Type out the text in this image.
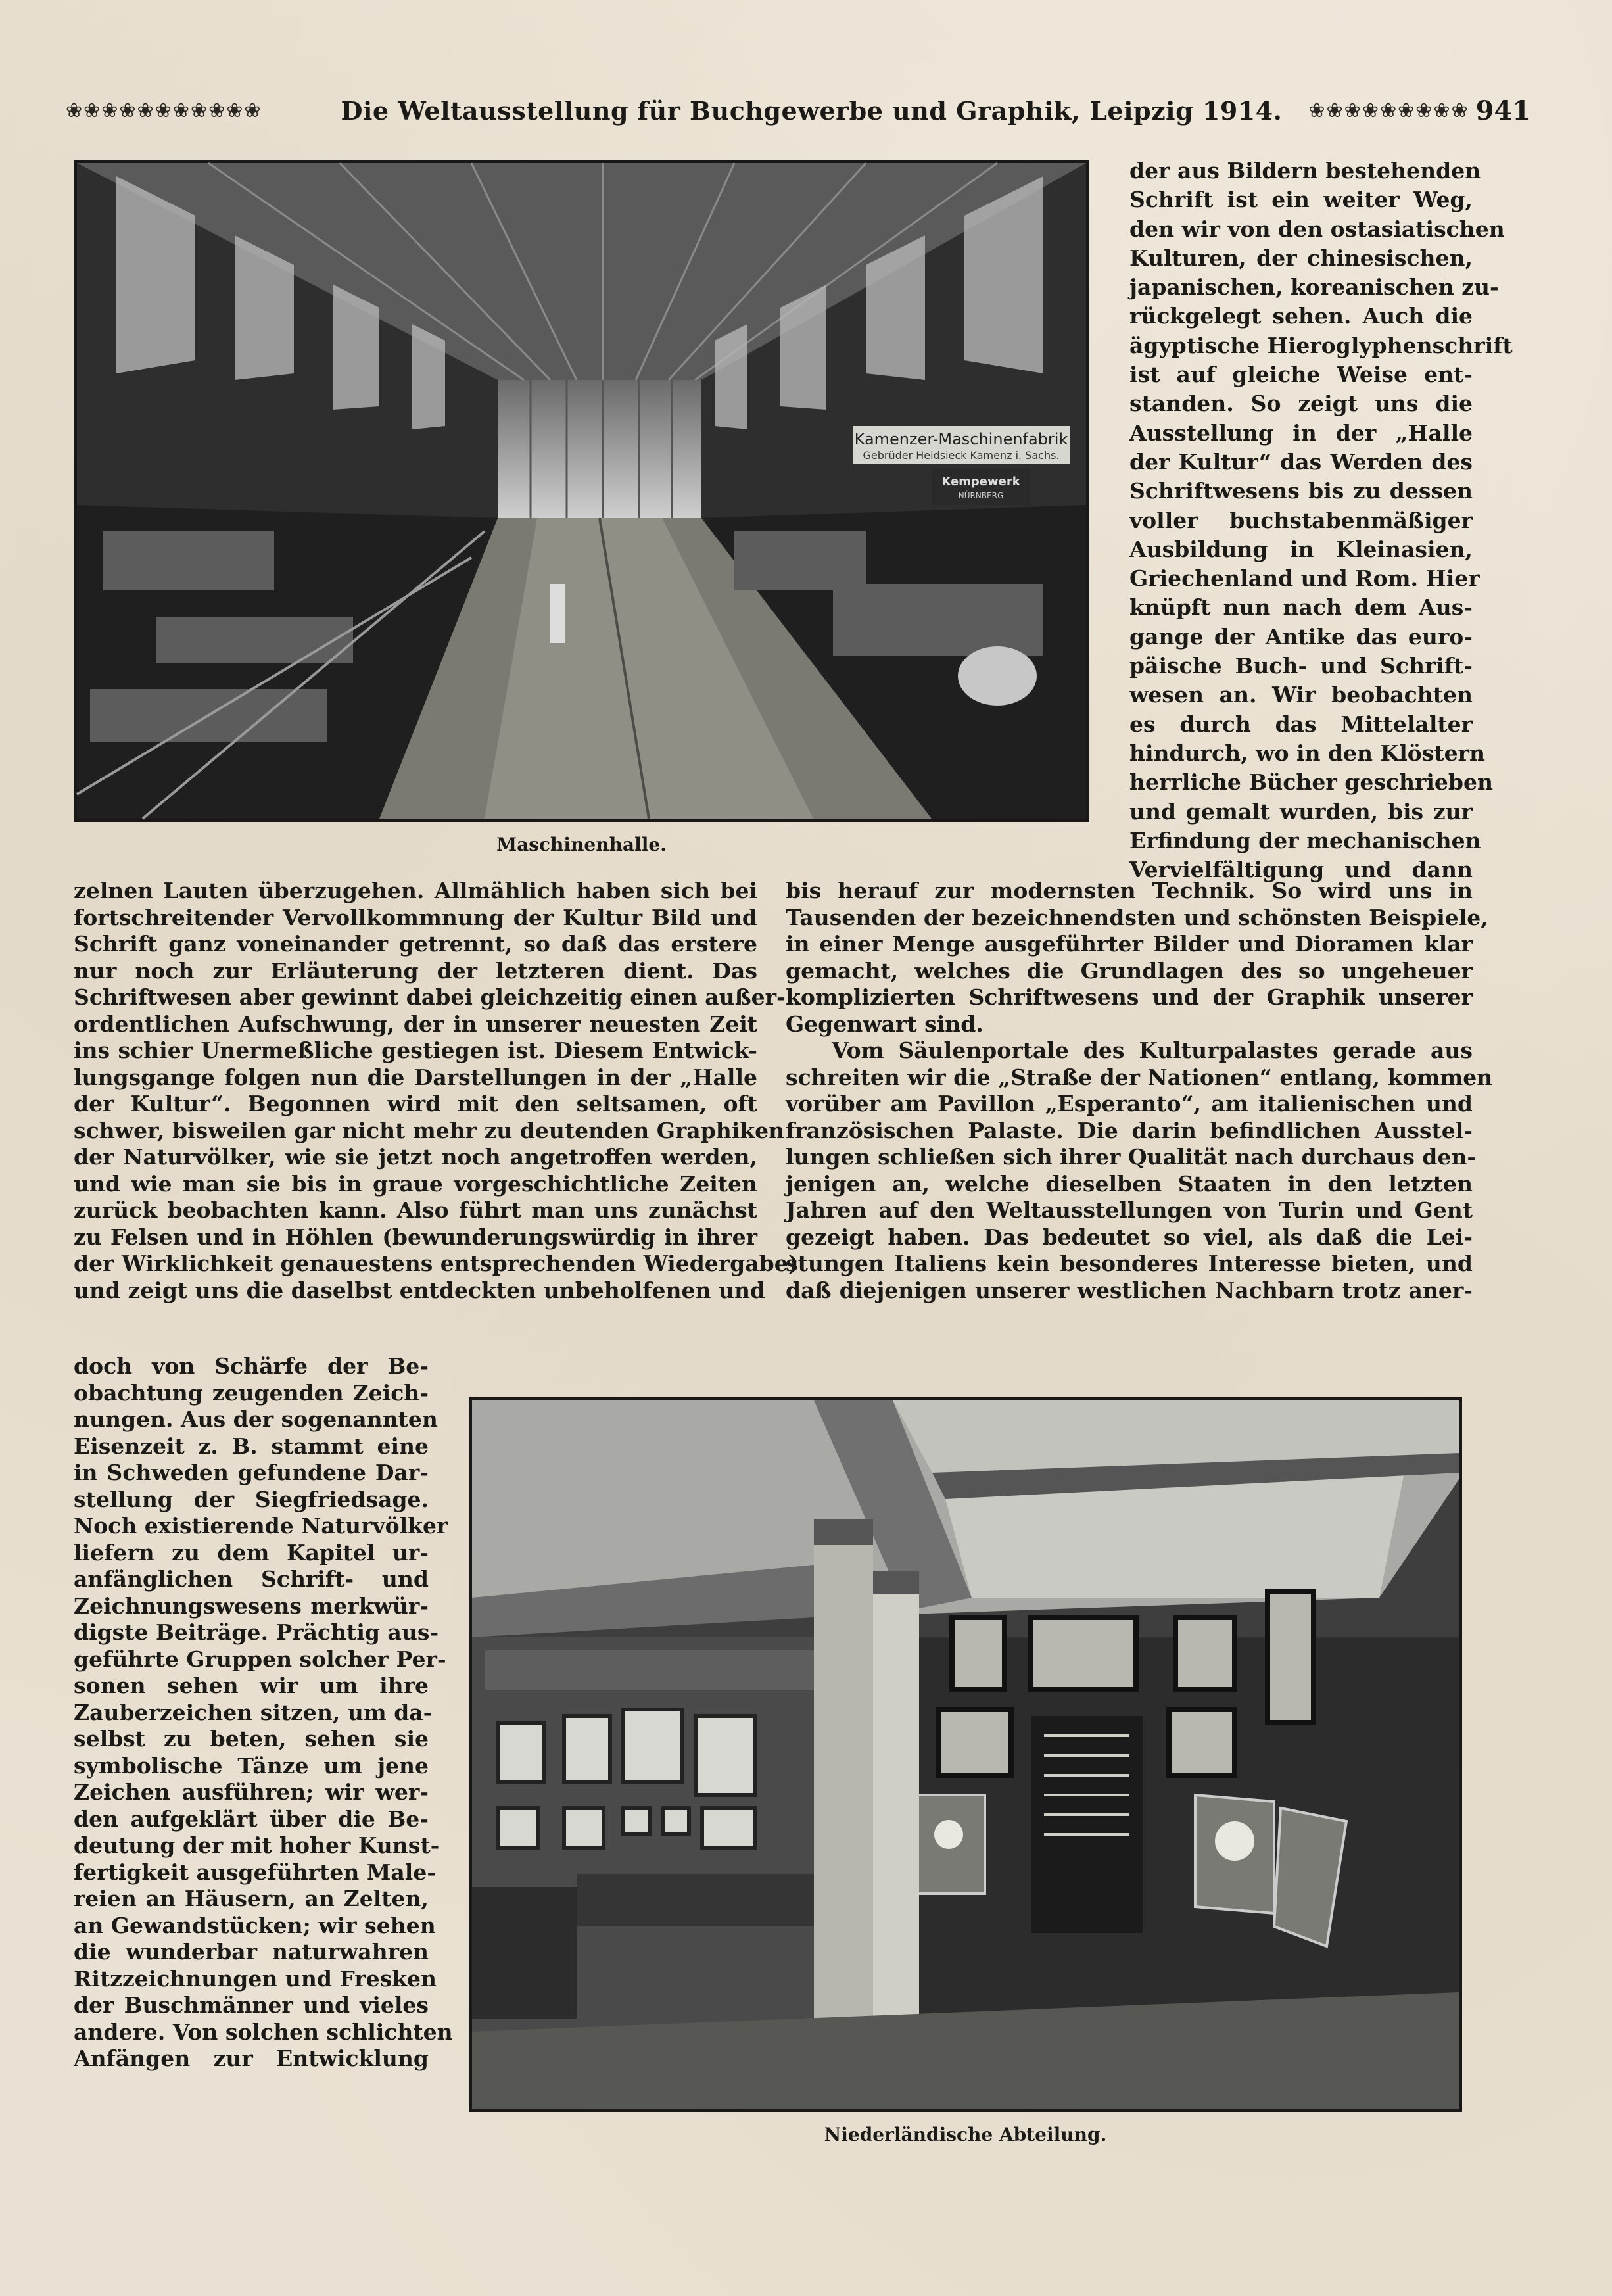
❀❀❀❀❀❀❀❀❀❀❀	Die Weltausstellung für Buchgewerbe und Graphik, Leipzig 1914. ❀❀❀❀❀❀❀❀❀ 941
Kamenzer-Maschinenfabrik
Gebrüder Heidsieck Kamenz i. Sachs.
Kempewerk
NÜRNBERG
Maschinenhalle.
Niederländische Abteilung.
der aus Bildern bestehenden
Schrift ist ein weiter Weg,
den wir von den ostasiatischen
Kulturen, der chinesischen,
japanischen, koreanischen zu-
rückgelegt sehen. Auch die
ägyptische Hieroglyphenschrift
ist auf gleiche Weise ent-
standen. So zeigt uns die
Ausstellung in der „Halle
der Kultur“ das Werden des
Schriftwesens bis zu dessen
voller buchstabenmäßiger
Ausbildung in Kleinasien,
Griechenland und Rom. Hier
knüpft nun nach dem Aus-
gange der Antike das euro-
päische Buch- und Schrift-
wesen an. Wir beobachten
es durch das Mittelalter
hindurch, wo in den Klöstern
herrliche Bücher geschrieben
und gemalt wurden, bis zur
Erfindung der mechanischen
Vervielfältigung und dann
zelnen Lauten überzugehen. Allmählich haben sich bei
fortschreitender Vervollkommnung der Kultur Bild und
Schrift ganz voneinander getrennt, so daß das erstere
nur noch zur Erläuterung der letzteren dient. Das
Schriftwesen aber gewinnt dabei gleichzeitig einen außer-
ordentlichen Aufschwung, der in unserer neuesten Zeit
ins schier Unermeßliche gestiegen ist. Diesem Entwick-
lungsgange folgen nun die Darstellungen in der „Halle
der Kultur“. Begonnen wird mit den seltsamen, oft
schwer, bisweilen gar nicht mehr zu deutenden Graphiken
der Naturvölker, wie sie jetzt noch angetroffen werden,
und wie man sie bis in graue vorgeschichtliche Zeiten
zurück beobachten kann. Also führt man uns zunächst
zu Felsen und in Höhlen (bewunderungswürdig in ihrer
der Wirklichkeit genauestens entsprechenden Wiedergabe)
und zeigt uns die daselbst entdeckten unbeholfenen und
bis herauf zur modernsten Technik. So wird uns in
Tausenden der bezeichnendsten und schönsten Beispiele,
in einer Menge ausgeführter Bilder und Dioramen klar
gemacht, welches die Grundlagen des so ungeheuer
komplizierten Schriftwesens und der Graphik unserer
Gegenwart sind.
Vom Säulenportale des Kulturpalastes gerade aus
schreiten wir die „Straße der Nationen“ entlang, kommen
vorüber am Pavillon „Esperanto“, am italienischen und
französischen Palaste. Die darin befindlichen Ausstel-
lungen schließen sich ihrer Qualität nach durchaus den-
jenigen an, welche dieselben Staaten in den letzten
Jahren auf den Weltausstellungen von Turin und Gent
gezeigt haben. Das bedeutet so viel, als daß die Lei-
stungen Italiens kein besonderes Interesse bieten, und
daß diejenigen unserer westlichen Nachbarn trotz aner-
doch von Schärfe der Be-
obachtung zeugenden Zeich-
nungen. Aus der sogenannten
Eisenzeit z. B. stammt eine
in Schweden gefundene Dar-
stellung der Siegfriedsage.
Noch existierende Naturvölker
liefern zu dem Kapitel ur-
anfänglichen Schrift- und
Zeichnungswesens merkwür-
digste Beiträge. Prächtig aus-
geführte Gruppen solcher Per-
sonen sehen wir um ihre
Zauberzeichen sitzen, um da-
selbst zu beten, sehen sie
symbolische Tänze um jene
Zeichen ausführen; wir wer-
den aufgeklärt über die Be-
deutung der mit hoher Kunst-
fertigkeit ausgeführten Male-
reien an Häusern, an Zelten,
an Gewandstücken; wir sehen
die wunderbar naturwahren
Ritzzeichnungen und Fresken
der Buschmänner und vieles
andere. Von solchen schlichten
Anfängen zur Entwicklung
